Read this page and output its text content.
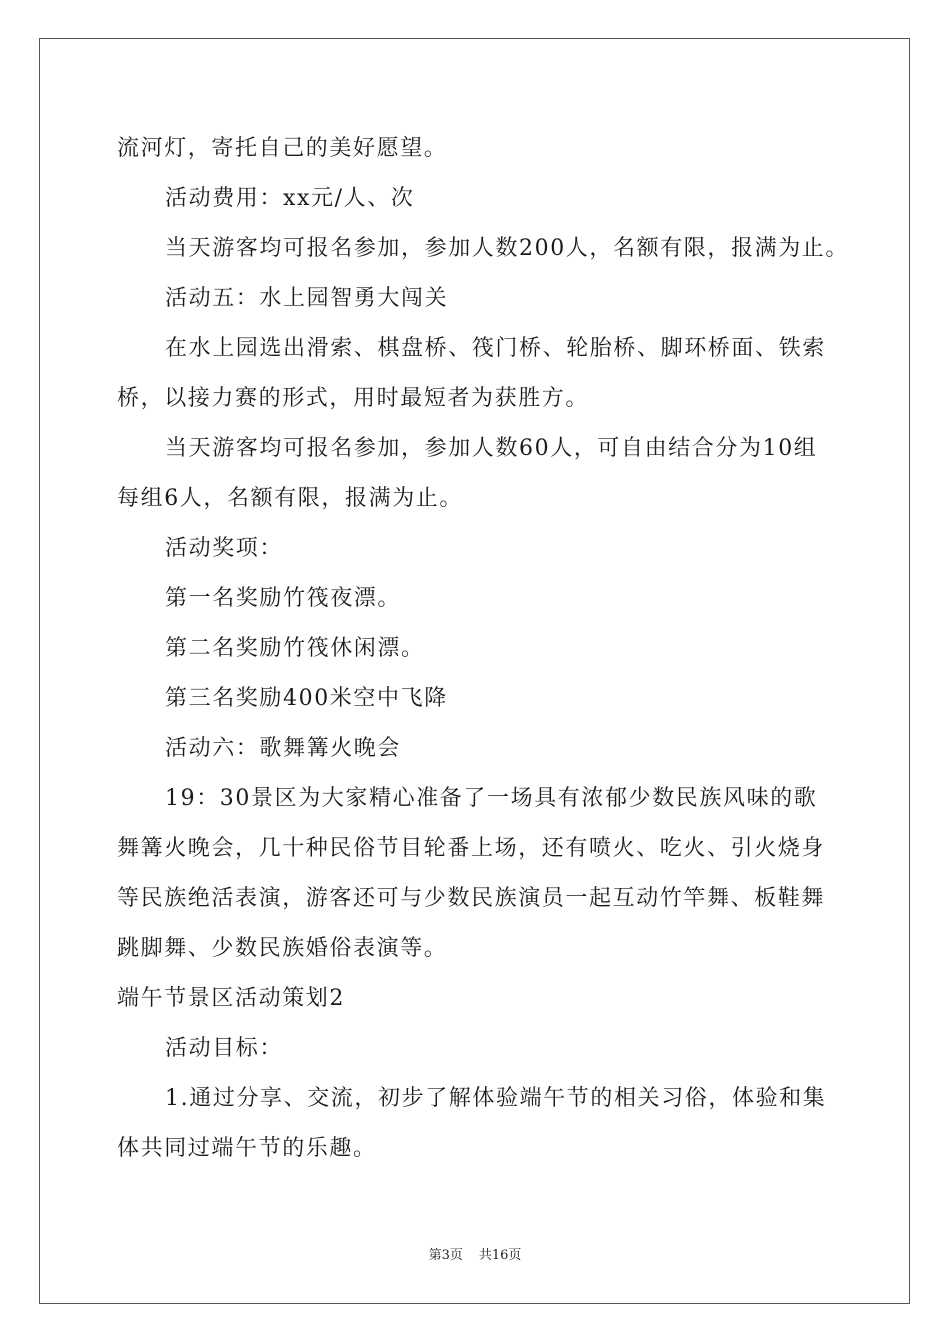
流河灯，寄托自己的美好愿望。
活动费用：xx元/人、次
当天游客均可报名参加，参加人数200人，名额有限，报满为止。
活动五：水上园智勇大闯关
在水上园选出滑索、棋盘桥、筏门桥、轮胎桥、脚环桥面、铁索
桥，以接力赛的形式，用时最短者为获胜方。
当天游客均可报名参加，参加人数60人，可自由结合分为10组
每组6人，名额有限，报满为止。
活动奖项：
第一名奖励竹筏夜漂。
第二名奖励竹筏休闲漂。
第三名奖励400米空中飞降
活动六：歌舞篝火晚会
19：30景区为大家精心准备了一场具有浓郁少数民族风味的歌
舞篝火晚会，几十种民俗节目轮番上场，还有喷火、吃火、引火烧身
等民族绝活表演，游客还可与少数民族演员一起互动竹竿舞、板鞋舞
跳脚舞、少数民族婚俗表演等。
端午节景区活动策划2
活动目标：
1.通过分享、交流，初步了解体验端午节的相关习俗，体验和集
体共同过端午节的乐趣。
第3页 共16页
